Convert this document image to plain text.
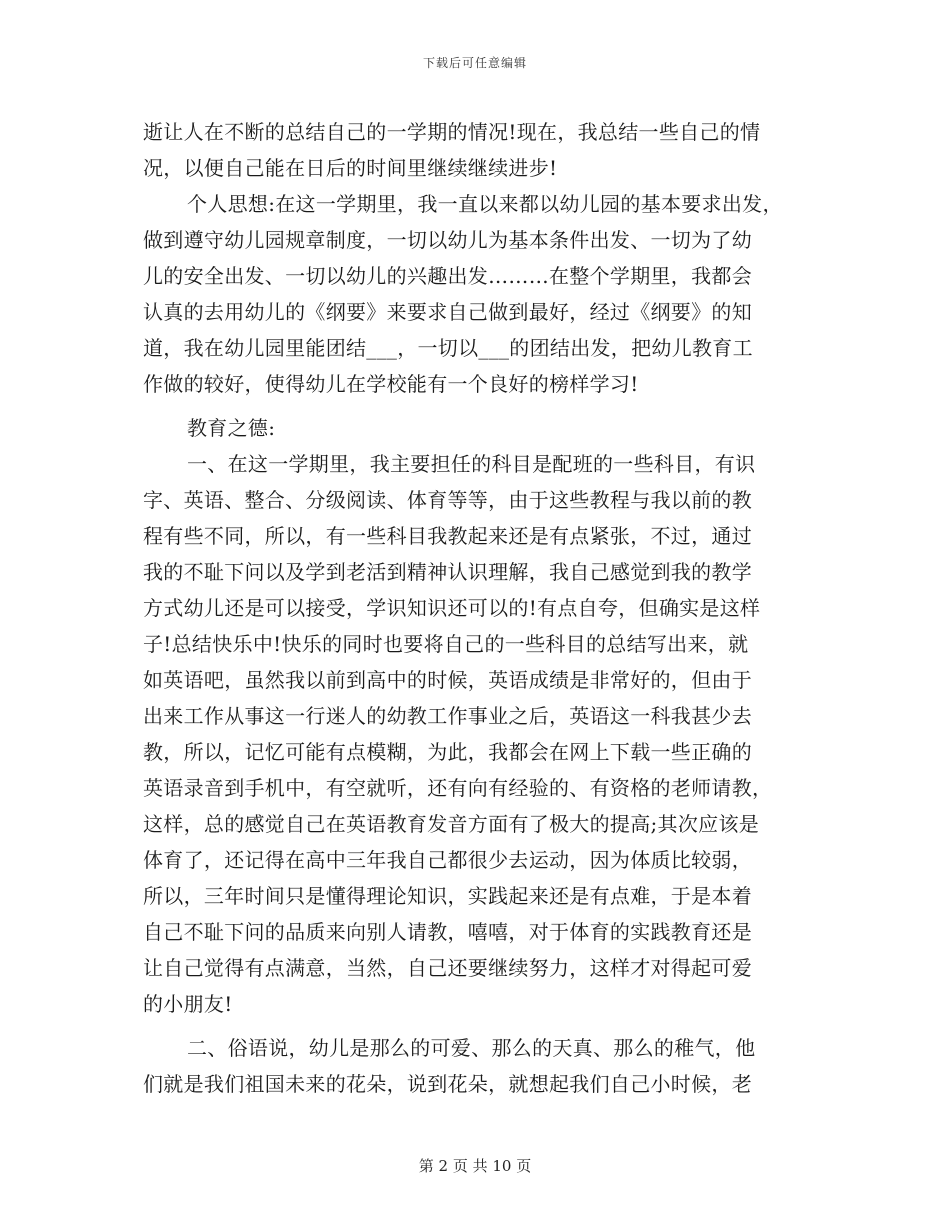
下载后可任意编辑
逝让人在不断的总结自己的一学期的情况!现在，我总结一些自己的情
况，以便自己能在日后的时间里继续继续进步!
个人思想:在这一学期里，我一直以来都以幼儿园的基本要求出发，
做到遵守幼儿园规章制度，一切以幼儿为基本条件出发、一切为了幼
儿的安全出发、一切以幼儿的兴趣出发………在整个学期里，我都会
认真的去用幼儿的《纲要》来要求自己做到最好，经过《纲要》的知
道，我在幼儿园里能团结___，一切以___的团结出发，把幼儿教育工
作做的较好，使得幼儿在学校能有一个良好的榜样学习!
教育之德:
一、在这一学期里，我主要担任的科目是配班的一些科目，有识
字、英语、整合、分级阅读、体育等等，由于这些教程与我以前的教
程有些不同，所以，有一些科目我教起来还是有点紧张，不过，通过
我的不耻下问以及学到老活到精神认识理解，我自己感觉到我的教学
方式幼儿还是可以接受，学识知识还可以的!有点自夸，但确实是这样
子!总结快乐中!快乐的同时也要将自己的一些科目的总结写出来，就
如英语吧，虽然我以前到高中的时候，英语成绩是非常好的，但由于
出来工作从事这一行迷人的幼教工作事业之后，英语这一科我甚少去
教，所以，记忆可能有点模糊，为此，我都会在网上下载一些正确的
英语录音到手机中，有空就听，还有向有经验的、有资格的老师请教，
这样，总的感觉自己在英语教育发音方面有了极大的提高;其次应该是
体育了，还记得在高中三年我自己都很少去运动，因为体质比较弱，
所以，三年时间只是懂得理论知识，实践起来还是有点难，于是本着
自己不耻下问的品质来向别人请教，嘻嘻，对于体育的实践教育还是
让自己觉得有点满意，当然，自己还要继续努力，这样才对得起可爱
的小朋友!
二、俗语说，幼儿是那么的可爱、那么的天真、那么的稚气，他
们就是我们祖国未来的花朵，说到花朵，就想起我们自己小时候，老
第 2 页 共 10 页
